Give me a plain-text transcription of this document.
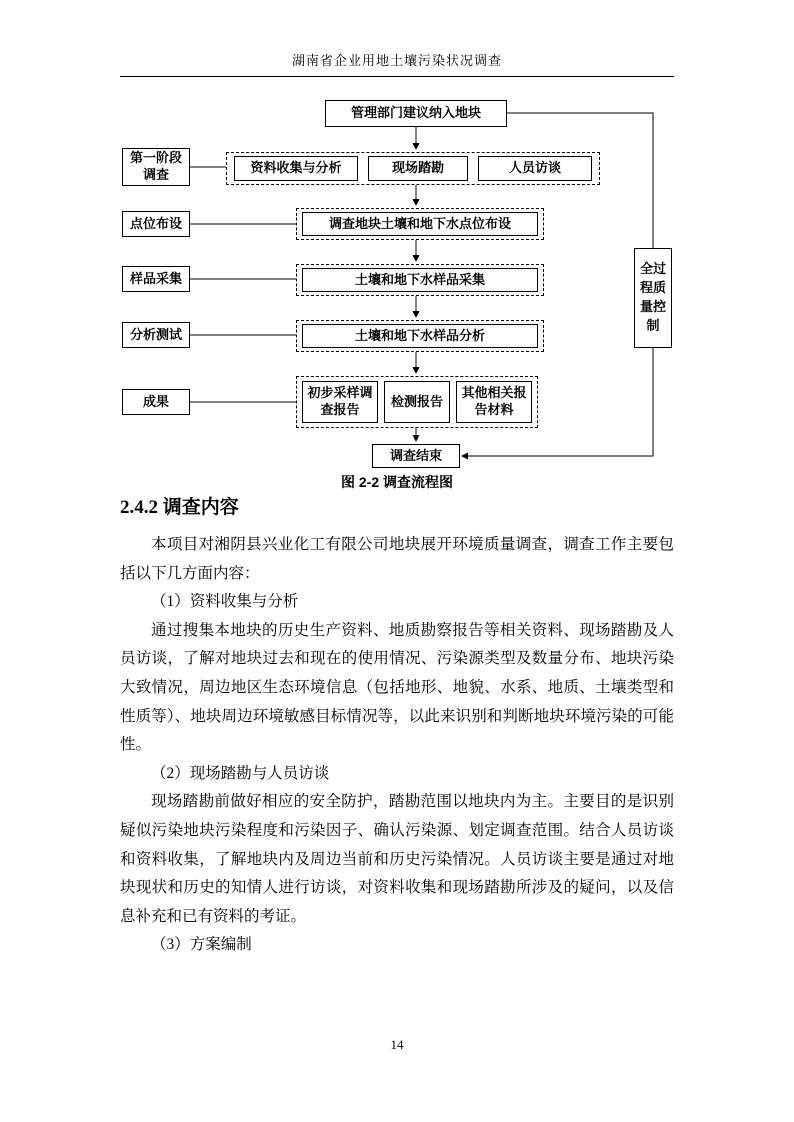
湖南省企业用地土壤污染状况调查
管理部门建议纳入地块
资料收集与分析	现场踏勘	人员访谈
第一阶段调查
点位布设
样品采集
分析测试
成果
调查地块土壤和地下水点位布设
土壤和地下水样品采集
土壤和地下水样品分析
初步采样调查报告
检测报告
其他相关报告材料
全过程质量控制
调查结束
图 2-2 调查流程图
2.4.2 调查内容

本项目对湘阴县兴业化工有限公司地块展开环境质量调查，调查工作主要包括以下几方面内容：

（1）资料收集与分析

通过搜集本地块的历史生产资料、地质勘察报告等相关资料、现场踏勘及人员访谈，了解对地块过去和现在的使用情况、污染源类型及数量分布、地块污染大致情况，周边地区生态环境信息（包括地形、地貌、水系、地质、土壤类型和性质等）、地块周边环境敏感目标情况等，以此来识别和判断地块环境污染的可能性。

（2）现场踏勘与人员访谈

现场踏勘前做好相应的安全防护，踏勘范围以地块内为主。主要目的是识别疑似污染地块污染程度和污染因子、确认污染源、划定调查范围。结合人员访谈和资料收集，了解地块内及周边当前和历史污染情况。人员访谈主要是通过对地块现状和历史的知情人进行访谈，对资料收集和现场踏勘所涉及的疑问，以及信息补充和已有资料的考证。

（3）方案编制

14
